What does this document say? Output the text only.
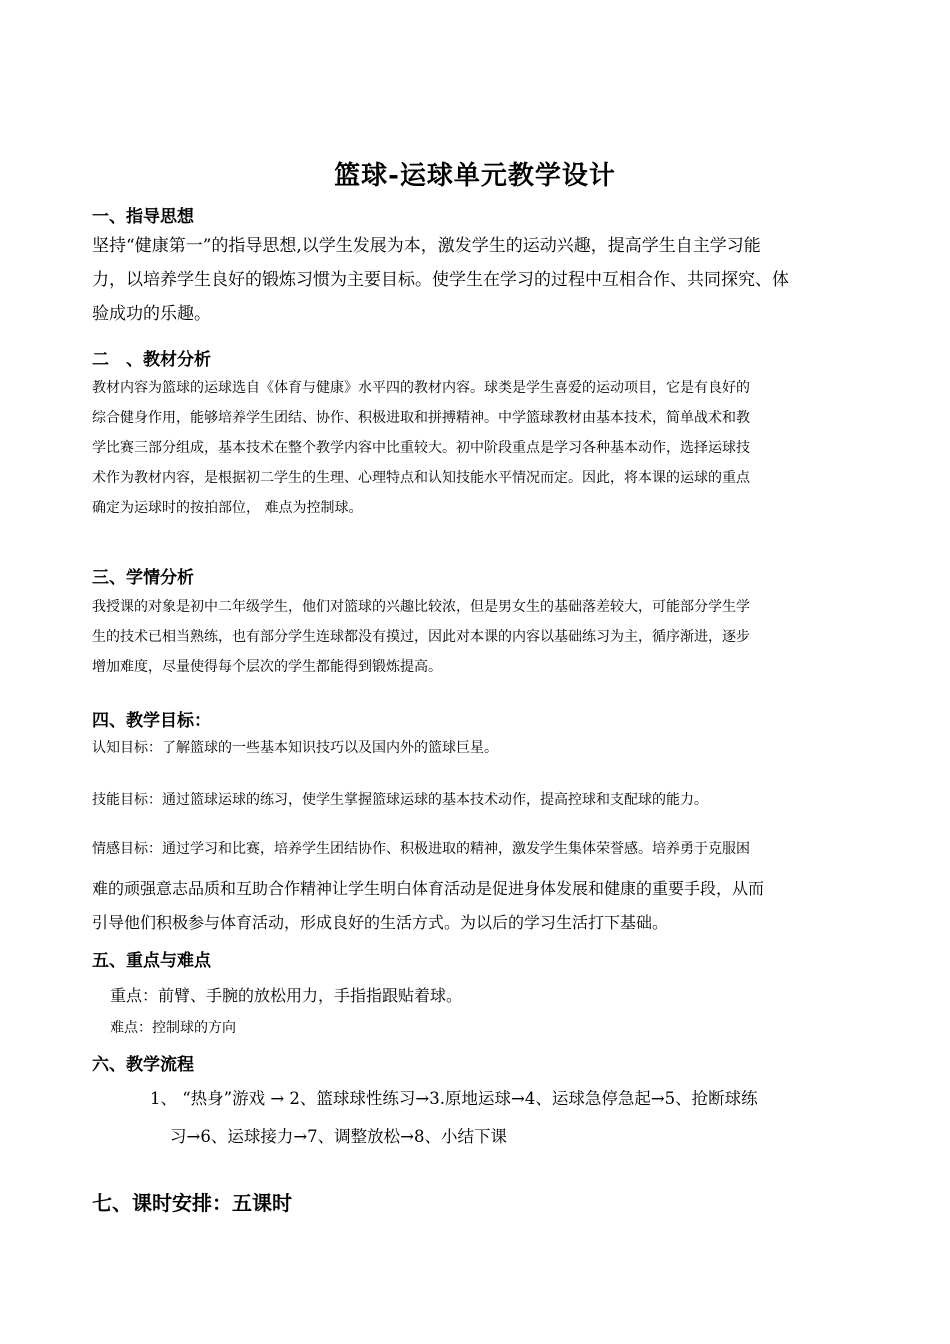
篮球-运球单元教学设计
一、指导思想
坚持“健康第一”的指导思想,以学生发展为本，激发学生的运动兴趣，提高学生自主学习能
力，以培养学生良好的锻炼习惯为主要目标。使学生在学习的过程中互相合作、共同探究、体
验成功的乐趣。
二　、教材分析
教材内容为篮球的运球选自《体育与健康》水平四的教材内容。球类是学生喜爱的运动项目，它是有良好的
综合健身作用，能够培养学生团结、协作、积极进取和拼搏精神。中学篮球教材由基本技术，简单战术和教
学比赛三部分组成，基本技术在整个教学内容中比重较大。初中阶段重点是学习各种基本动作，选择运球技
术作为教材内容，是根据初二学生的生理、心理特点和认知技能水平情况而定。因此，将本课的运球的重点
确定为运球时的按拍部位， 难点为控制球。
三、学情分析
我授课的对象是初中二年级学生，他们对篮球的兴趣比较浓，但是男女生的基础落差较大，可能部分学生学
生的技术已相当熟练，也有部分学生连球都没有摸过，因此对本课的内容以基础练习为主，循序渐进，逐步
增加难度，尽量使得每个层次的学生都能得到锻炼提高。
四、教学目标：
认知目标：了解篮球的一些基本知识技巧以及国内外的篮球巨星。
技能目标：通过篮球运球的练习，使学生掌握篮球运球的基本技术动作，提高控球和支配球的能力。
情感目标：通过学习和比赛，培养学生团结协作、积极进取的精神，激发学生集体荣誉感。培养勇于克服困
难的顽强意志品质和互助合作精神让学生明白体育活动是促进身体发展和健康的重要手段，从而
引导他们积极参与体育活动，形成良好的生活方式。为以后的学习生活打下基础。
五、重点与难点
重点：前臂、手腕的放松用力，手指指跟贴着球。
难点：控制球的方向
六、教学流程
1、 “热身”游戏 → 2、篮球球性练习→3.原地运球→4、运球急停急起→5、抢断球练
习→6、运球接力→7、调整放松→8、小结下课
七、课时安排：五课时
